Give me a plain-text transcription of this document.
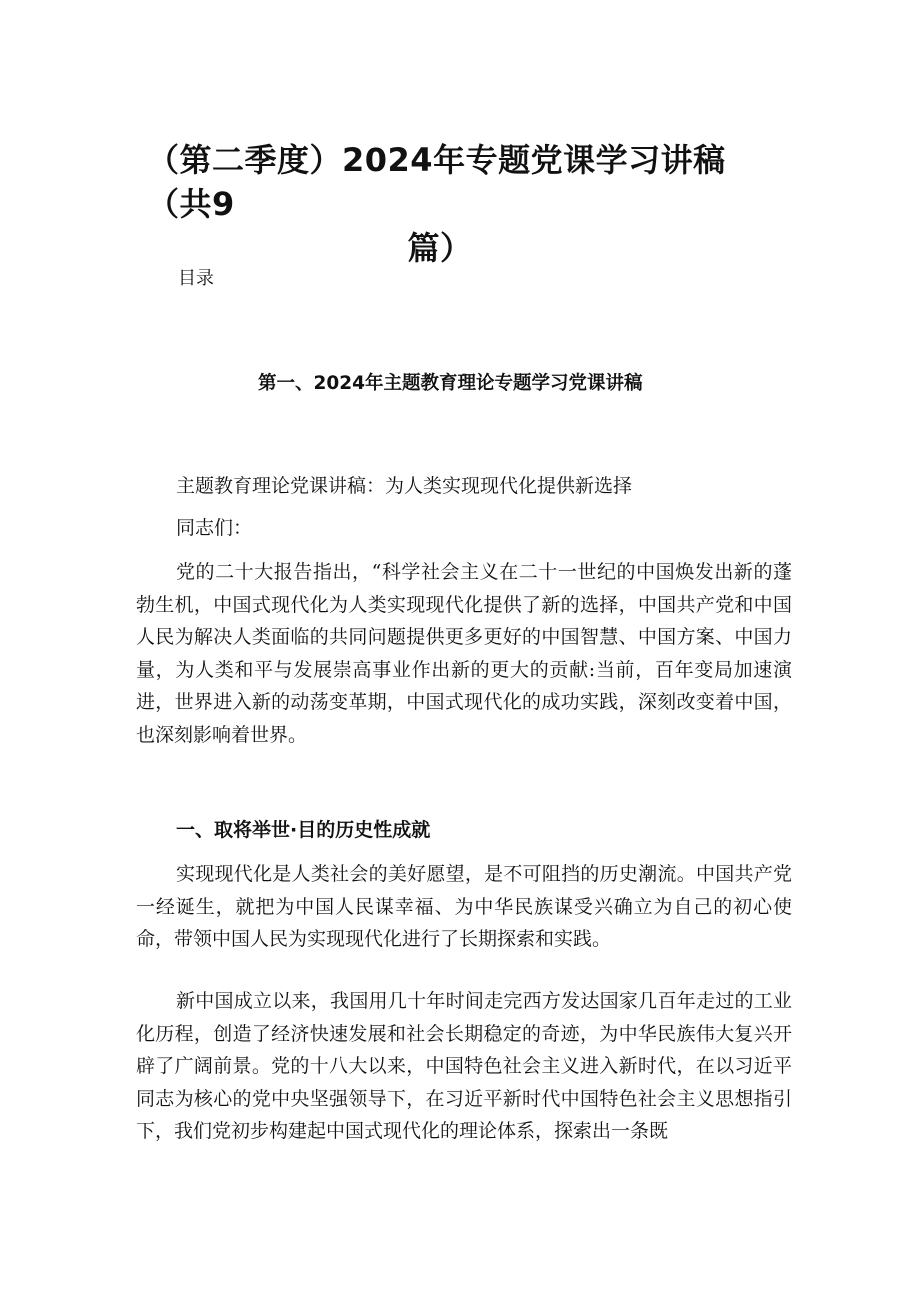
（第二季度）2024年专题党课学习讲稿（共9
篇）
目录
第一、2024年主题教育理论专题学习党课讲稿
主题教育理论党课讲稿：为人类实现现代化提供新选择
同志们：

党的二十大报告指出，“科学社会主义在二十一世纪的中国焕发出新的蓬勃生机，中国式现代化为人类实现现代化提供了新的选择，中国共产党和中国人民为解决人类面临的共同问题提供更多更好的中国智慧、中国方案、中国力量，为人类和平与发展崇高事业作出新的更大的贡献:当前，百年变局加速演进，世界进入新的动荡变革期，中国式现代化的成功实践，深刻改变着中国，也深刻影响着世界。

一、取将举世·目的历史性成就

实现现代化是人类社会的美好愿望，是不可阻挡的历史潮流。中国共产党一经诞生，就把为中国人民谋幸福、为中华民族谋受兴确立为自己的初心使命，带领中国人民为实现现代化进行了长期探索和实践。

新中国成立以来，我国用几十年时间走完西方发达国家几百年走过的工业化历程，创造了经济快速发展和社会长期稳定的奇迹，为中华民族伟大复兴开辟了广阔前景。党的十八大以来，中国特色社会主义进入新时代，在以习近平同志为核心的党中央坚强领导下，在习近平新时代中国特色社会主义思想指引下，我们党初步构建起中国式现代化的理论体系，探索出一条既
